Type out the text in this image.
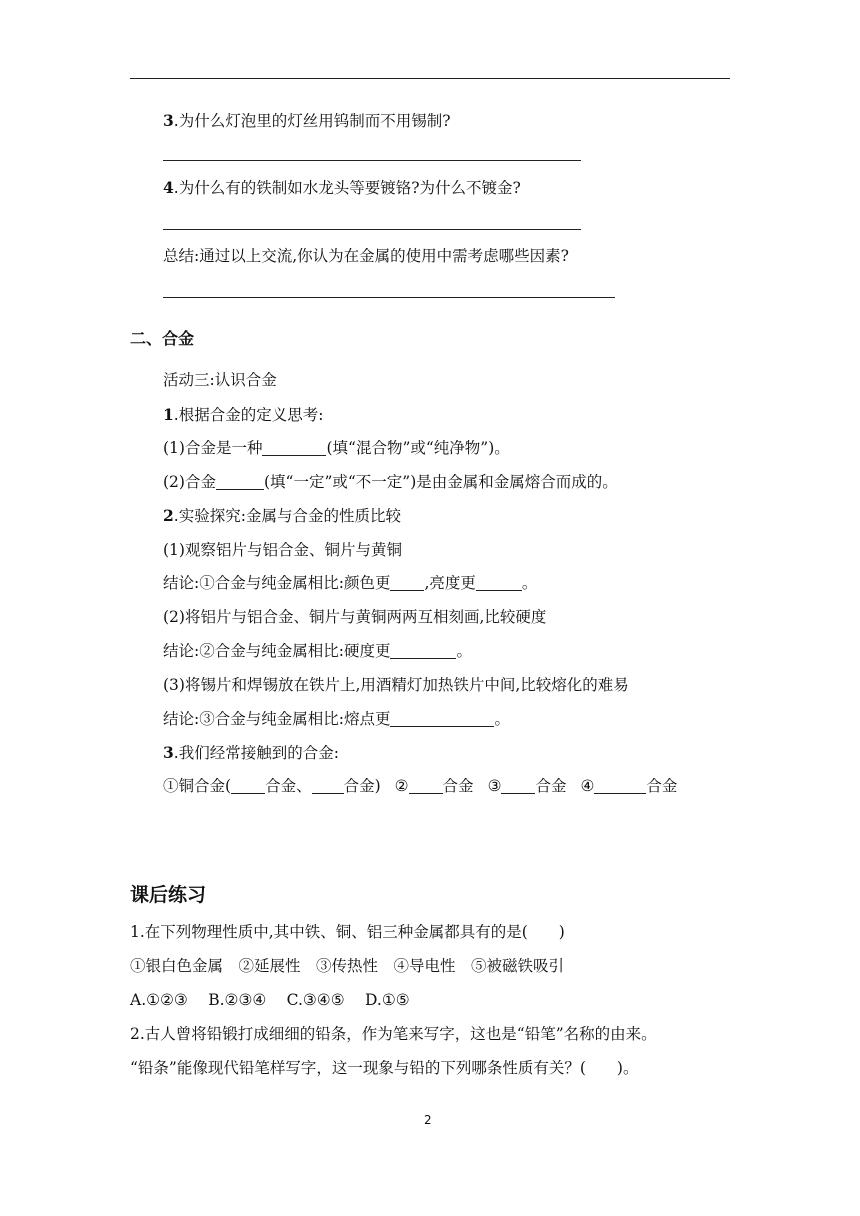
3.为什么灯泡里的灯丝用钨制而不用锡制?
4.为什么有的铁制如水龙头等要镀铬?为什么不镀金?
总结:通过以上交流,你认为在金属的使用中需考虑哪些因素?
二、合金
活动三:认识合金
1.根据合金的定义思考:
(1)合金是一种	(填“混合物”或“纯净物”)。
(2)合金	(填“一定”或“不一定”)是由金属和金属熔合而成的。
2.实验探究:金属与合金的性质比较
(1)观察铝片与铝合金、铜片与黄铜
结论:①合金与纯金属相比:颜色更 ,亮度更	。
(2)将铝片与铝合金、铜片与黄铜两两互相刻画,比较硬度
结论:②合金与纯金属相比:硬度更	。
(3)将锡片和焊锡放在铁片上,用酒精灯加热铁片中间,比较熔化的难易
结论:③合金与纯金属相比:熔点更	。
3.我们经常接触到的合金:
①铜合金( 合金、 合金) ② 合金 ③ 合金 ④	合金
课后练习
1.在下列物理性质中,其中铁、铜、铝三种金属都具有的是(　　)
①银白色金属　②延展性　③传热性　④导电性　⑤被磁铁吸引
A.①②③　 B.②③④　 C.③④⑤　 D.①⑤
2.古人曾将铅锻打成细细的铅条，作为笔来写字，这也是“铅笔”名称的由来。
“铅条”能像现代铅笔样写字，这一现象与铅的下列哪条性质有关？(　　)。
2
